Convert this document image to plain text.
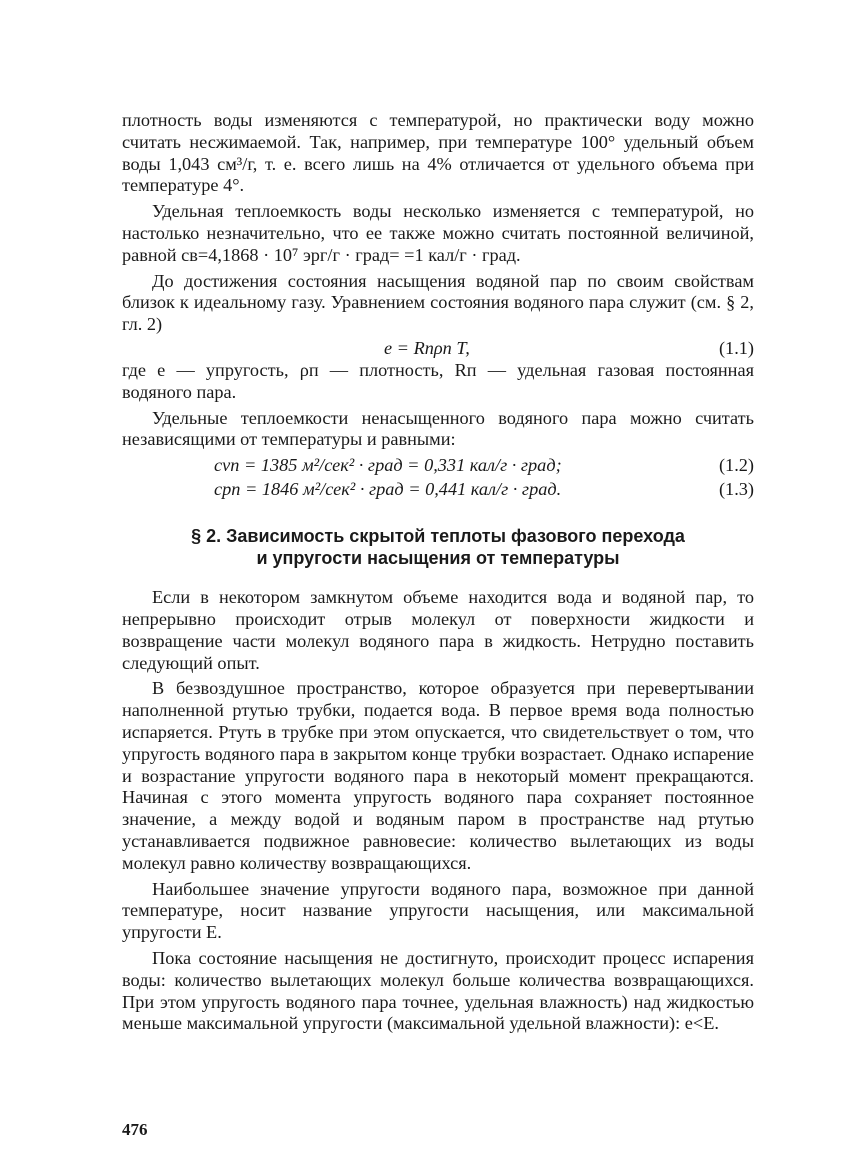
плотность воды изменяются с температурой, но практически воду можно считать несжимаемой. Так, например, при температуре 100° удельный объем воды 1,043 см³/г, т. е. всего лишь на 4% отличается от удельного объема при температуре 4°.

Удельная теплоемкость воды несколько изменяется с температурой, но настолько незначительно, что ее также можно считать постоянной величиной, равной cв=4,1868 · 10⁷ эрг/г · град= =1 кал/г · град.

До достижения состояния насыщения водяной пар по своим свойствам близок к идеальному газу. Уравнением состояния водяного пара служит (см. § 2, гл. 2)

e = Rпρп T,	(1.1)

где e — упругость, ρп — плотность, Rп — удельная газовая постоянная водяного пара.

Удельные теплоемкости ненасыщенного водяного пара можно считать независящими от температуры и равными:

cvп = 1385 м²/сек² · град = 0,331 кал/г · град;	(1.2)
cpп = 1846 м²/сек² · град = 0,441 кал/г · град.	(1.3)
§ 2. Зависимость скрытой теплоты фазового перехода
и упругости насыщения от температуры

Если в некотором замкнутом объеме находится вода и водяной пар, то непрерывно происходит отрыв молекул от поверхности жидкости и возвращение части молекул водяного пара в жидкость. Нетрудно поставить следующий опыт.

В безвоздушное пространство, которое образуется при перевертывании наполненной ртутью трубки, подается вода. В первое время вода полностью испаряется. Ртуть в трубке при этом опускается, что свидетельствует о том, что упругость водяного пара в закрытом конце трубки возрастает. Однако испарение и возрастание упругости водяного пара в некоторый момент прекращаются. Начиная с этого момента упругость водяного пара сохраняет постоянное значение, а между водой и водяным паром в пространстве над ртутью устанавливается подвижное равновесие: количество вылетающих из воды молекул равно количеству возвращающихся.

Наибольшее значение упругости водяного пара, возможное при данной температуре, носит название упругости насыщения, или максимальной упругости E.

Пока состояние насыщения не достигнуто, происходит процесс испарения воды: количество вылетающих молекул больше количества возвращающихся. При этом упругость водяного пара точнее, удельная влажность) над жидкостью меньше максимальной упругости (максимальной удельной влажности): e<E.

476
